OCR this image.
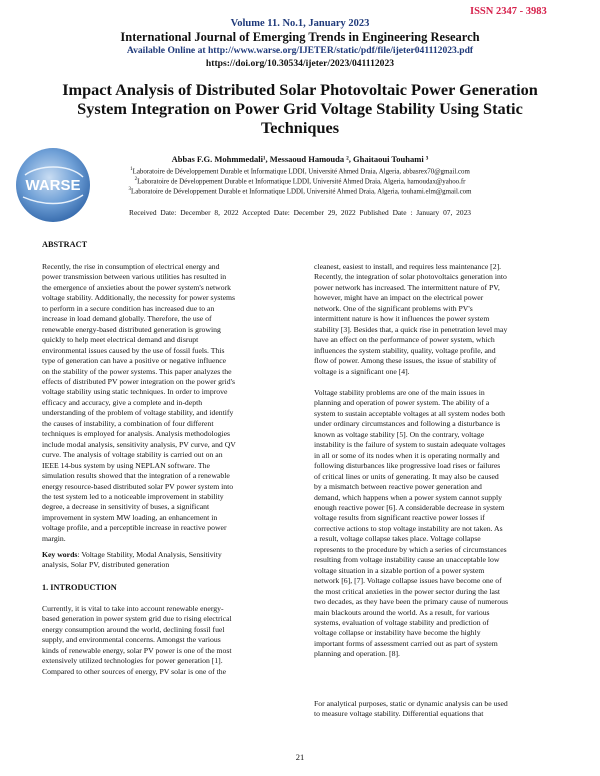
ISSN 2347 - 3983
Volume 11. No.1, January 2023
International Journal of Emerging Trends in Engineering Research
Available Online at http://www.warse.org/IJETER/static/pdf/file/ijeter041112023.pdf
https://doi.org/10.30534/ijeter/2023/041112023
Impact Analysis of Distributed Solar Photovoltaic Power Generation
System Integration on Power Grid Voltage Stability Using Static
Techniques
WARSE
Abbas F.G. Mohmmedali¹, Messaoud Hamouda ², Ghaitaoui Touhami ³
$^1$Laboratoire de Développement Durable et Informatique LDDI, Université Ahmed Draia, Algeria, abbasrex70@gmail.com
$^2$Laboratoire de Développement Durable et Informatique LDDI, Université Ahmed Draia, Algeria, hamoudax@yahoo.fr
$^3$Laboratoire de Développement Durable et Informatique LDDI, Université Ahmed Draia, Algeria, touhami.elm@gmail.com
Received Date: December 8, 2022 Accepted Date: December 29, 2022 Published Date : January 07, 2023
ABSTRACT
Recently, the rise in consumption of electrical energy and
power transmission between various utilities has resulted in
the emergence of anxieties about the power system's network
voltage stability. Additionally, the necessity for power systems
to perform in a secure condition has increased due to an
increase in load demand globally. Therefore, the use of
renewable energy-based distributed generation is growing
quickly to help meet electrical demand and disrupt
environmental issues caused by the use of fossil fuels. This
type of generation can have a positive or negative influence
on the stability of the power systems. This paper analyzes the
effects of distributed PV power integration on the power grid's
voltage stability using static techniques. In order to improve
efficacy and accuracy, give a complete and in-depth
understanding of the problem of voltage stability, and identify
the causes of instability, a combination of four different
techniques is employed for analysis. Analysis methodologies
include modal analysis, sensitivity analysis, PV curve, and QV
curve. The analysis of voltage stability is carried out on an
IEEE 14-bus system by using NEPLAN software. The
simulation results showed that the integration of a renewable
energy resource-based distributed solar PV power system into
the test system led to a noticeable improvement in stability
degree, a decrease in sensitivity of buses, a significant
improvement in system MW loading, an enhancement in
voltage profile, and a perceptible increase in reactive power
margin.
Key words: Voltage Stability, Modal Analysis, Sensitivity
analysis, Solar PV, distributed generation
1. INTRODUCTION
Currently, it is vital to take into account renewable energy-
based generation in power system grid due to rising electrical
energy consumption around the world, declining fossil fuel
supply, and environmental concerns. Amongst the various
kinds of renewable energy, solar PV power is one of the most
extensively utilized technologies for power generation [1].
Compared to other sources of energy, PV solar is one of the
cleanest, easiest to install, and requires less maintenance [2].
Recently, the integration of solar photovoltaics generation into
power network has increased. The intermittent nature of PV,
however, might have an impact on the electrical power
network. One of the significant problems with PV's
intermittent nature is how it influences the power system
stability [3]. Besides that, a quick rise in penetration level may
have an effect on the performance of power system, which
influences the system stability, quality, voltage profile, and
flow of power. Among these issues, the issue of stability of
voltage is a significant one [4].
Voltage stability problems are one of the main issues in
planning and operation of power system. The ability of a
system to sustain acceptable voltages at all system nodes both
under ordinary circumstances and following a disturbance is
known as voltage stability [5]. On the contrary, voltage
instability is the failure of system to sustain adequate voltages
in all or some of its nodes when it is operating normally and
following disturbances like progressive load rises or failures
of critical lines or units of generating. It may also be caused
by a mismatch between reactive power generation and
demand, which happens when a power system cannot supply
enough reactive power [6]. A considerable decrease in system
voltage results from significant reactive power losses if
corrective actions to stop voltage instability are not taken. As
a result, voltage collapse takes place. Voltage collapse
represents to the procedure by which a series of circumstances
resulting from voltage instability cause an unacceptable low
voltage situation in a sizable portion of a power system
network [6], [7]. Voltage collapse issues have become one of
the most critical anxieties in the power sector during the last
two decades, as they have been the primary cause of numerous
main blackouts around the world. As a result, for various
systems, evaluation of voltage stability and prediction of
voltage collapse or instability have become the highly
important forms of assessment carried out as part of system
planning and operation. [8].
For analytical purposes, static or dynamic analysis can be used
to measure voltage stability. Differential equations that
21
